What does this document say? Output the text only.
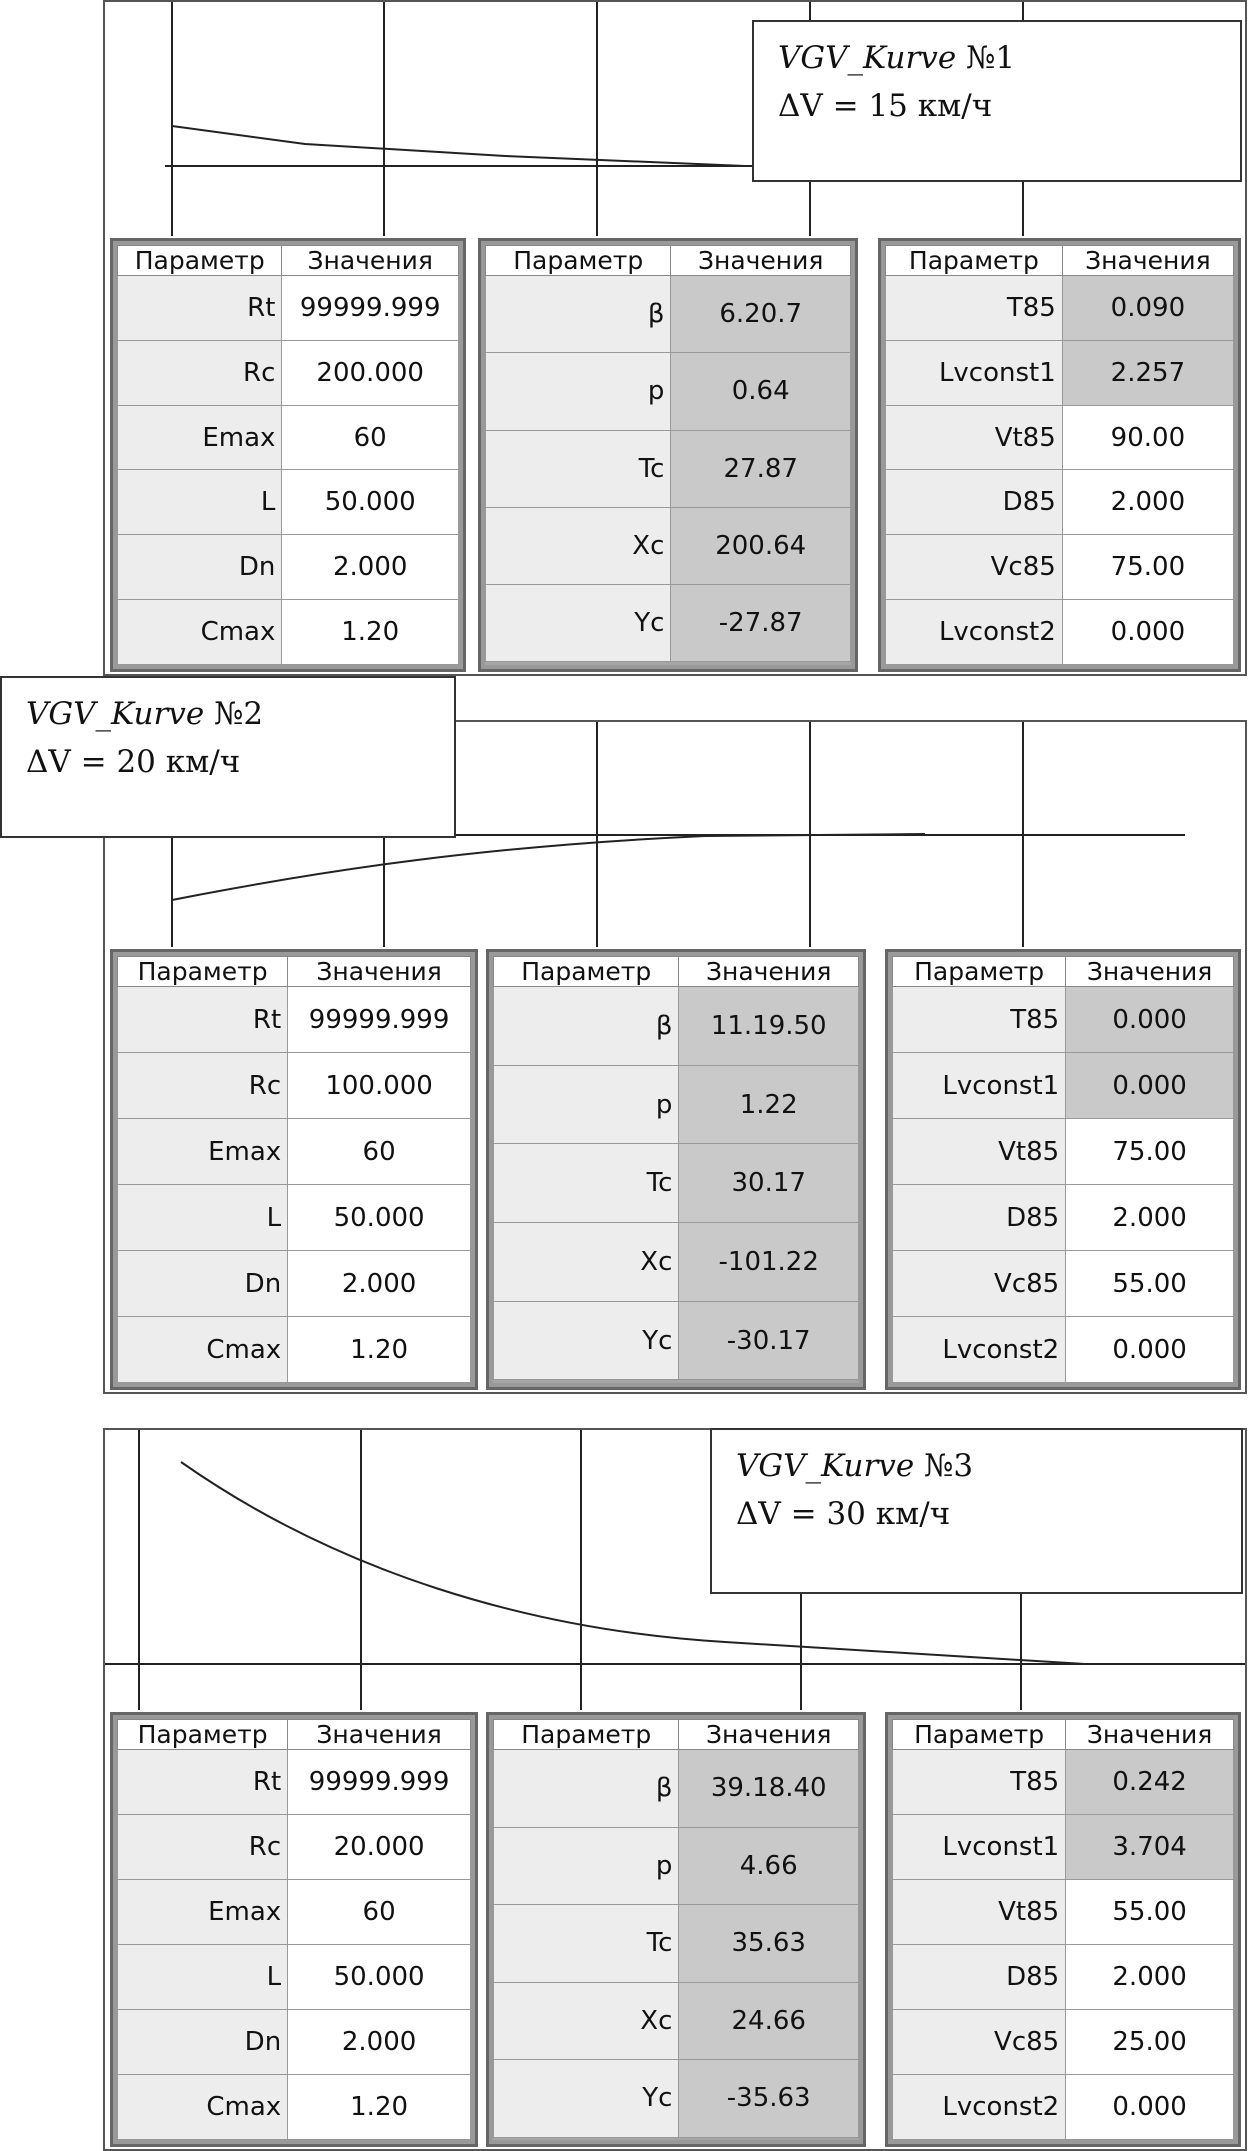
Параметр	Значения
Rt	99999.999
Rc	200.000
Emax	60
L	50.000
Dn	2.000
Cmax	1.20
Параметр	Значения
β	6.20.7
p	0.64
Tc	27.87
Xc	200.64
Yc	-27.87

Параметр	Значения
T85	0.090
Lvconst1	2.257
Vt85	90.00
D85	2.000
Vc85	75.00
Lvconst2	0.000
VGV_Kurve №1
ΔV = 15 км/ч
Параметр	Значения
Rt	99999.999
Rc	100.000
Emax	60
L	50.000
Dn	2.000
Cmax	1.20
Параметр	Значения
β	11.19.50
p	1.22
Tc	30.17
Xc	-101.22
Yc	-30.17

Параметр	Значения
T85	0.000
Lvconst1	0.000
Vt85	75.00
D85	2.000
Vc85	55.00
Lvconst2	0.000
VGV_Kurve №2
ΔV = 20 км/ч
Параметр	Значения
Rt	99999.999
Rc	20.000
Emax	60
L	50.000
Dn	2.000
Cmax	1.20
Параметр	Значения
β	39.18.40
p	4.66
Tc	35.63
Xc	24.66
Yc	-35.63

Параметр	Значения
T85	0.242
Lvconst1	3.704
Vt85	55.00
D85	2.000
Vc85	25.00
Lvconst2	0.000
VGV_Kurve №3
ΔV = 30 км/ч
